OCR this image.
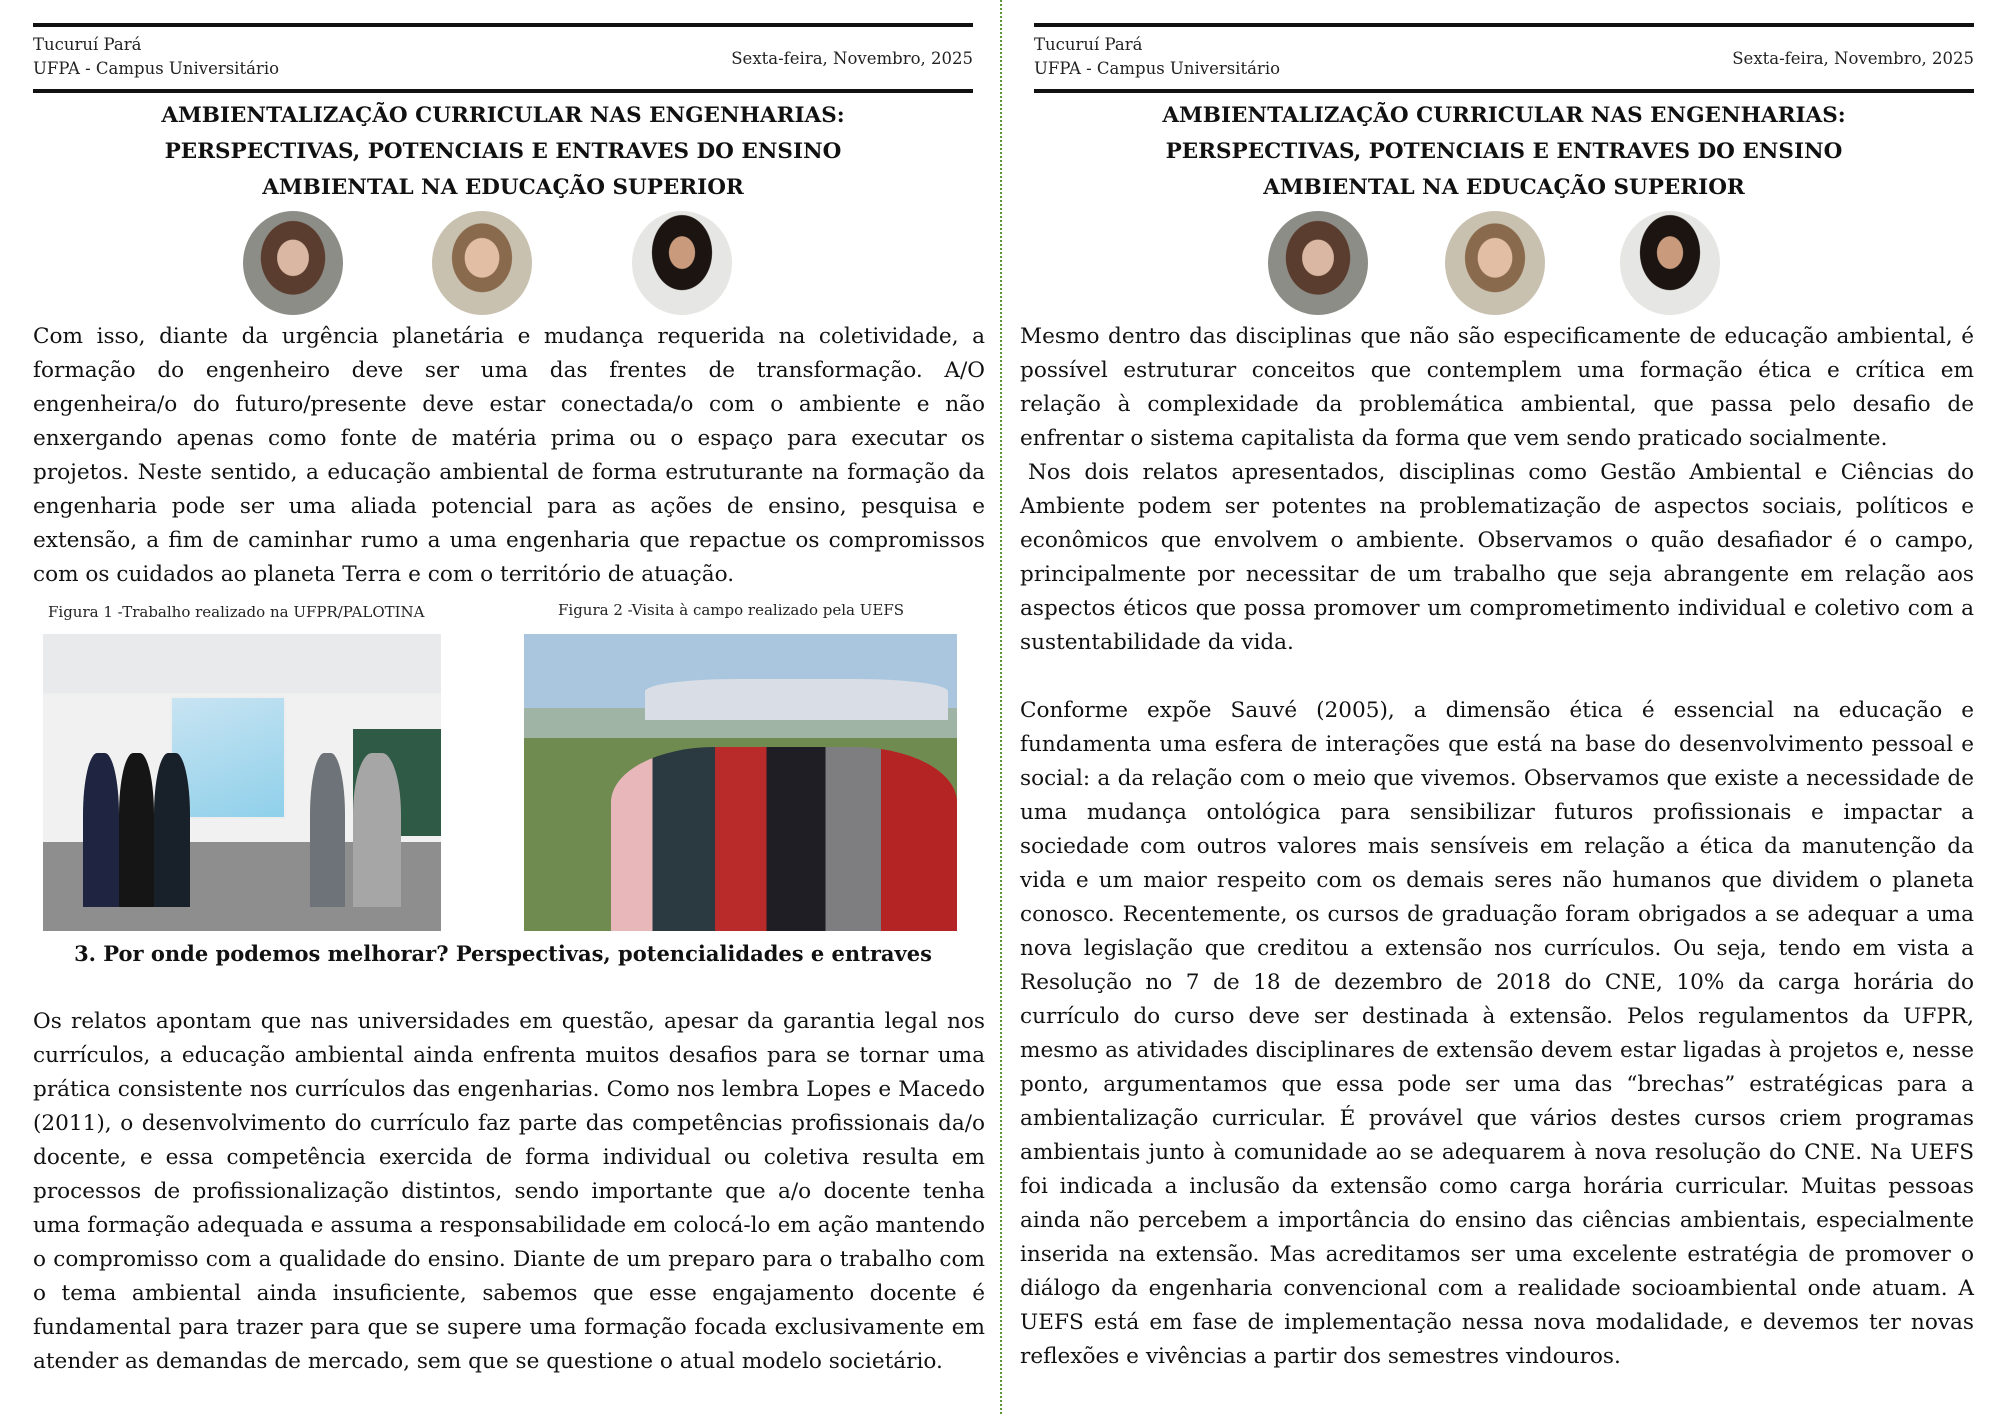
Tucuruí Pará
UFPA - Campus Universitário
Sexta-feira, Novembro, 2025
AMBIENTALIZAÇÃO CURRICULAR NAS ENGENHARIAS:
PERSPECTIVAS, POTENCIAIS E ENTRAVES DO ENSINO
AMBIENTAL NA EDUCAÇÃO SUPERIOR

Com isso, diante da urgência planetária e mudança requerida na coletividade, a formação do engenheiro deve ser uma das frentes de transformação. A/O engenheira/o do futuro/presente deve estar conectada/o com o ambiente e não enxergando apenas como fonte de matéria prima ou o espaço para executar os projetos. Neste sentido, a educação ambiental de forma estruturante na formação da engenharia pode ser uma aliada potencial para as ações de ensino, pesquisa e extensão, a fim de caminhar rumo a uma engenharia que repactue os compromissos com os cuidados ao planeta Terra e com o território de atuação.

Figura 1 -Trabalho realizado na UFPR/PALOTINA	Figura 2 -Visita à campo realizado pela UEFS
3. Por onde podemos melhorar? Perspectivas, potencialidades e entraves

Os relatos apontam que nas universidades em questão, apesar da garantia legal nos currículos, a educação ambiental ainda enfrenta muitos desafios para se tornar uma prática consistente nos currículos das engenharias. Como nos lembra Lopes e Macedo (2011), o desenvolvimento do currículo faz parte das competências profissionais da/o docente, e essa competência exercida de forma individual ou coletiva resulta em processos de profissionalização distintos, sendo importante que a/o docente tenha uma formação adequada e assuma a responsabilidade em colocá-lo em ação mantendo o compromisso com a qualidade do ensino. Diante de um preparo para o trabalho com o tema ambiental ainda insuficiente, sabemos que esse engajamento docente é fundamental para trazer para que se supere uma formação focada exclusivamente em atender as demandas de mercado, sem que se questione o atual modelo societário.

Tucuruí Pará
UFPA - Campus Universitário
Sexta-feira, Novembro, 2025
AMBIENTALIZAÇÃO CURRICULAR NAS ENGENHARIAS:
PERSPECTIVAS, POTENCIAIS E ENTRAVES DO ENSINO
AMBIENTAL NA EDUCAÇÃO SUPERIOR

Mesmo dentro das disciplinas que não são especificamente de educação ambiental, é possível estruturar conceitos que contemplem uma formação ética e crítica em relação à complexidade da problemática ambiental, que passa pelo desafio de enfrentar o sistema capitalista da forma que vem sendo praticado socialmente.

Nos dois relatos apresentados, disciplinas como Gestão Ambiental e Ciências do Ambiente podem ser potentes na problematização de aspectos sociais, políticos e econômicos que envolvem o ambiente. Observamos o quão desafiador é o campo, principalmente por necessitar de um trabalho que seja abrangente em relação aos aspectos éticos que possa promover um comprometimento individual e coletivo com a sustentabilidade da vida.

Conforme expõe Sauvé (2005), a dimensão ética é essencial na educação e fundamenta uma esfera de interações que está na base do desenvolvimento pessoal e social: a da relação com o meio que vivemos. Observamos que existe a necessidade de uma mudança ontológica para sensibilizar futuros profissionais e impactar a sociedade com outros valores mais sensíveis em relação a ética da manutenção da vida e um maior respeito com os demais seres não humanos que dividem o planeta conosco. Recentemente, os cursos de graduação foram obrigados a se adequar a uma nova legislação que creditou a extensão nos currículos. Ou seja, tendo em vista a Resolução no 7 de 18 de dezembro de 2018 do CNE, 10% da carga horária do currículo do curso deve ser destinada à extensão. Pelos regulamentos da UFPR, mesmo as atividades disciplinares de extensão devem estar ligadas à projetos e, nesse ponto, argumentamos que essa pode ser uma das “brechas” estratégicas para a ambientalização curricular. É provável que vários destes cursos criem programas ambientais junto à comunidade ao se adequarem à nova resolução do CNE. Na UEFS foi indicada a inclusão da extensão como carga horária curricular. Muitas pessoas ainda não percebem a importância do ensino das ciências ambientais, especialmente inserida na extensão. Mas acreditamos ser uma excelente estratégia de promover o diálogo da engenharia convencional com a realidade socioambiental onde atuam. A UEFS está em fase de implementação nessa nova modalidade, e devemos ter novas reflexões e vivências a partir dos semestres vindouros.
